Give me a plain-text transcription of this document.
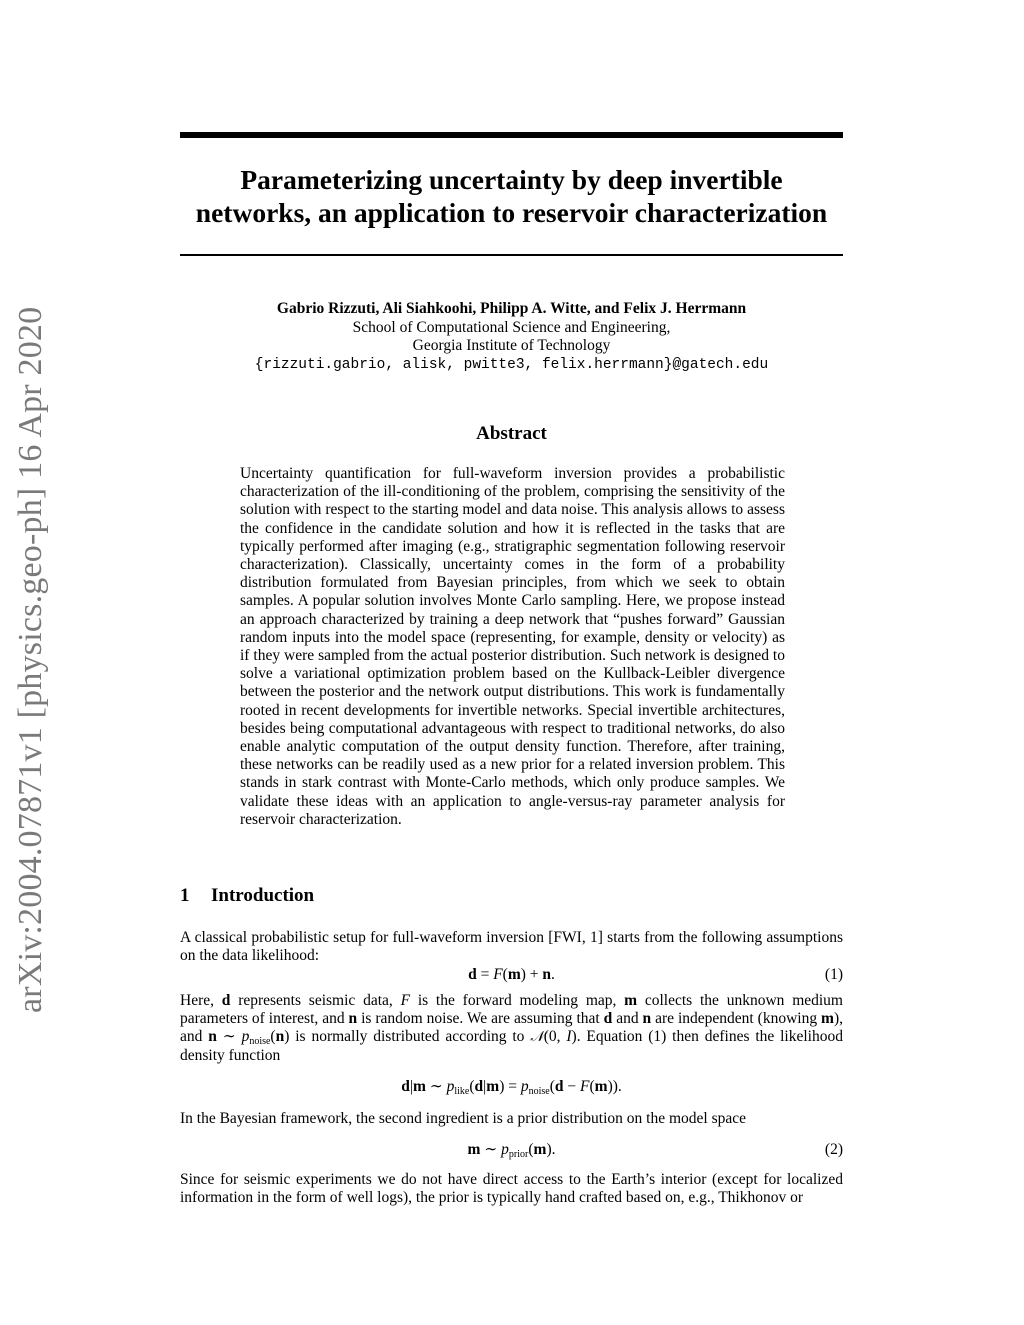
arXiv:2004.07871v1 [physics.geo-ph] 16 Apr 2020
Parameterizing uncertainty by deep invertible
networks, an application to reservoir characterization
Gabrio Rizzuti, Ali Siahkoohi, Philipp A. Witte, and Felix J. Herrmann
School of Computational Science and Engineering,
Georgia Institute of Technology
{rizzuti.gabrio, alisk, pwitte3, felix.herrmann}@gatech.edu
Abstract
Uncertainty quantification for full-waveform inversion provides a probabilistic characterization of the ill-conditioning of the problem, comprising the sensitivity of the solution with respect to the starting model and data noise. This analysis allows to assess the confidence in the candidate solution and how it is reflected in the tasks that are typically performed after imaging (e.g., stratigraphic segmentation following reservoir characterization). Classically, uncertainty comes in the form of a probability distribution formulated from Bayesian principles, from which we seek to obtain samples. A popular solution involves Monte Carlo sampling. Here, we propose instead an approach characterized by training a deep network that “pushes forward” Gaussian random inputs into the model space (representing, for example, density or velocity) as if they were sampled from the actual posterior distribution. Such network is designed to solve a variational optimization problem based on the Kullback-Leibler divergence between the posterior and the network output distributions. This work is fundamentally rooted in recent developments for invertible networks. Special invertible architectures, besides being computational advantageous with respect to traditional networks, do also enable analytic computation of the output density function. Therefore, after training, these networks can be readily used as a new prior for a related inversion problem. This stands in stark contrast with Monte-Carlo methods, which only produce samples. We validate these ideas with an application to angle-versus-ray parameter analysis for reservoir characterization.
1 Introduction
A classical probabilistic setup for full-waveform inversion [FWI, 1] starts from the following assumptions on the data likelihood:
d = F(m) + n.	(1)
Here, d represents seismic data, F is the forward modeling map, m collects the unknown medium parameters of interest, and n is random noise. We are assuming that d and n are independent (knowing m), and n ∼ $p_{noise}(n)$ is normally distributed according to 𝒩(0, I). Equation (1) then defines the likelihood density function
d|m ∼ $p_{like}(d|m) = p_{noise}(d - F(m))$.
In the Bayesian framework, the second ingredient is a prior distribution on the model space
m ∼ $p_{prior}(m)$.	(2)
Since for seismic experiments we do not have direct access to the Earth’s interior (except for localized information in the form of well logs), the prior is typically hand crafted based on, e.g., Thikhonov or
